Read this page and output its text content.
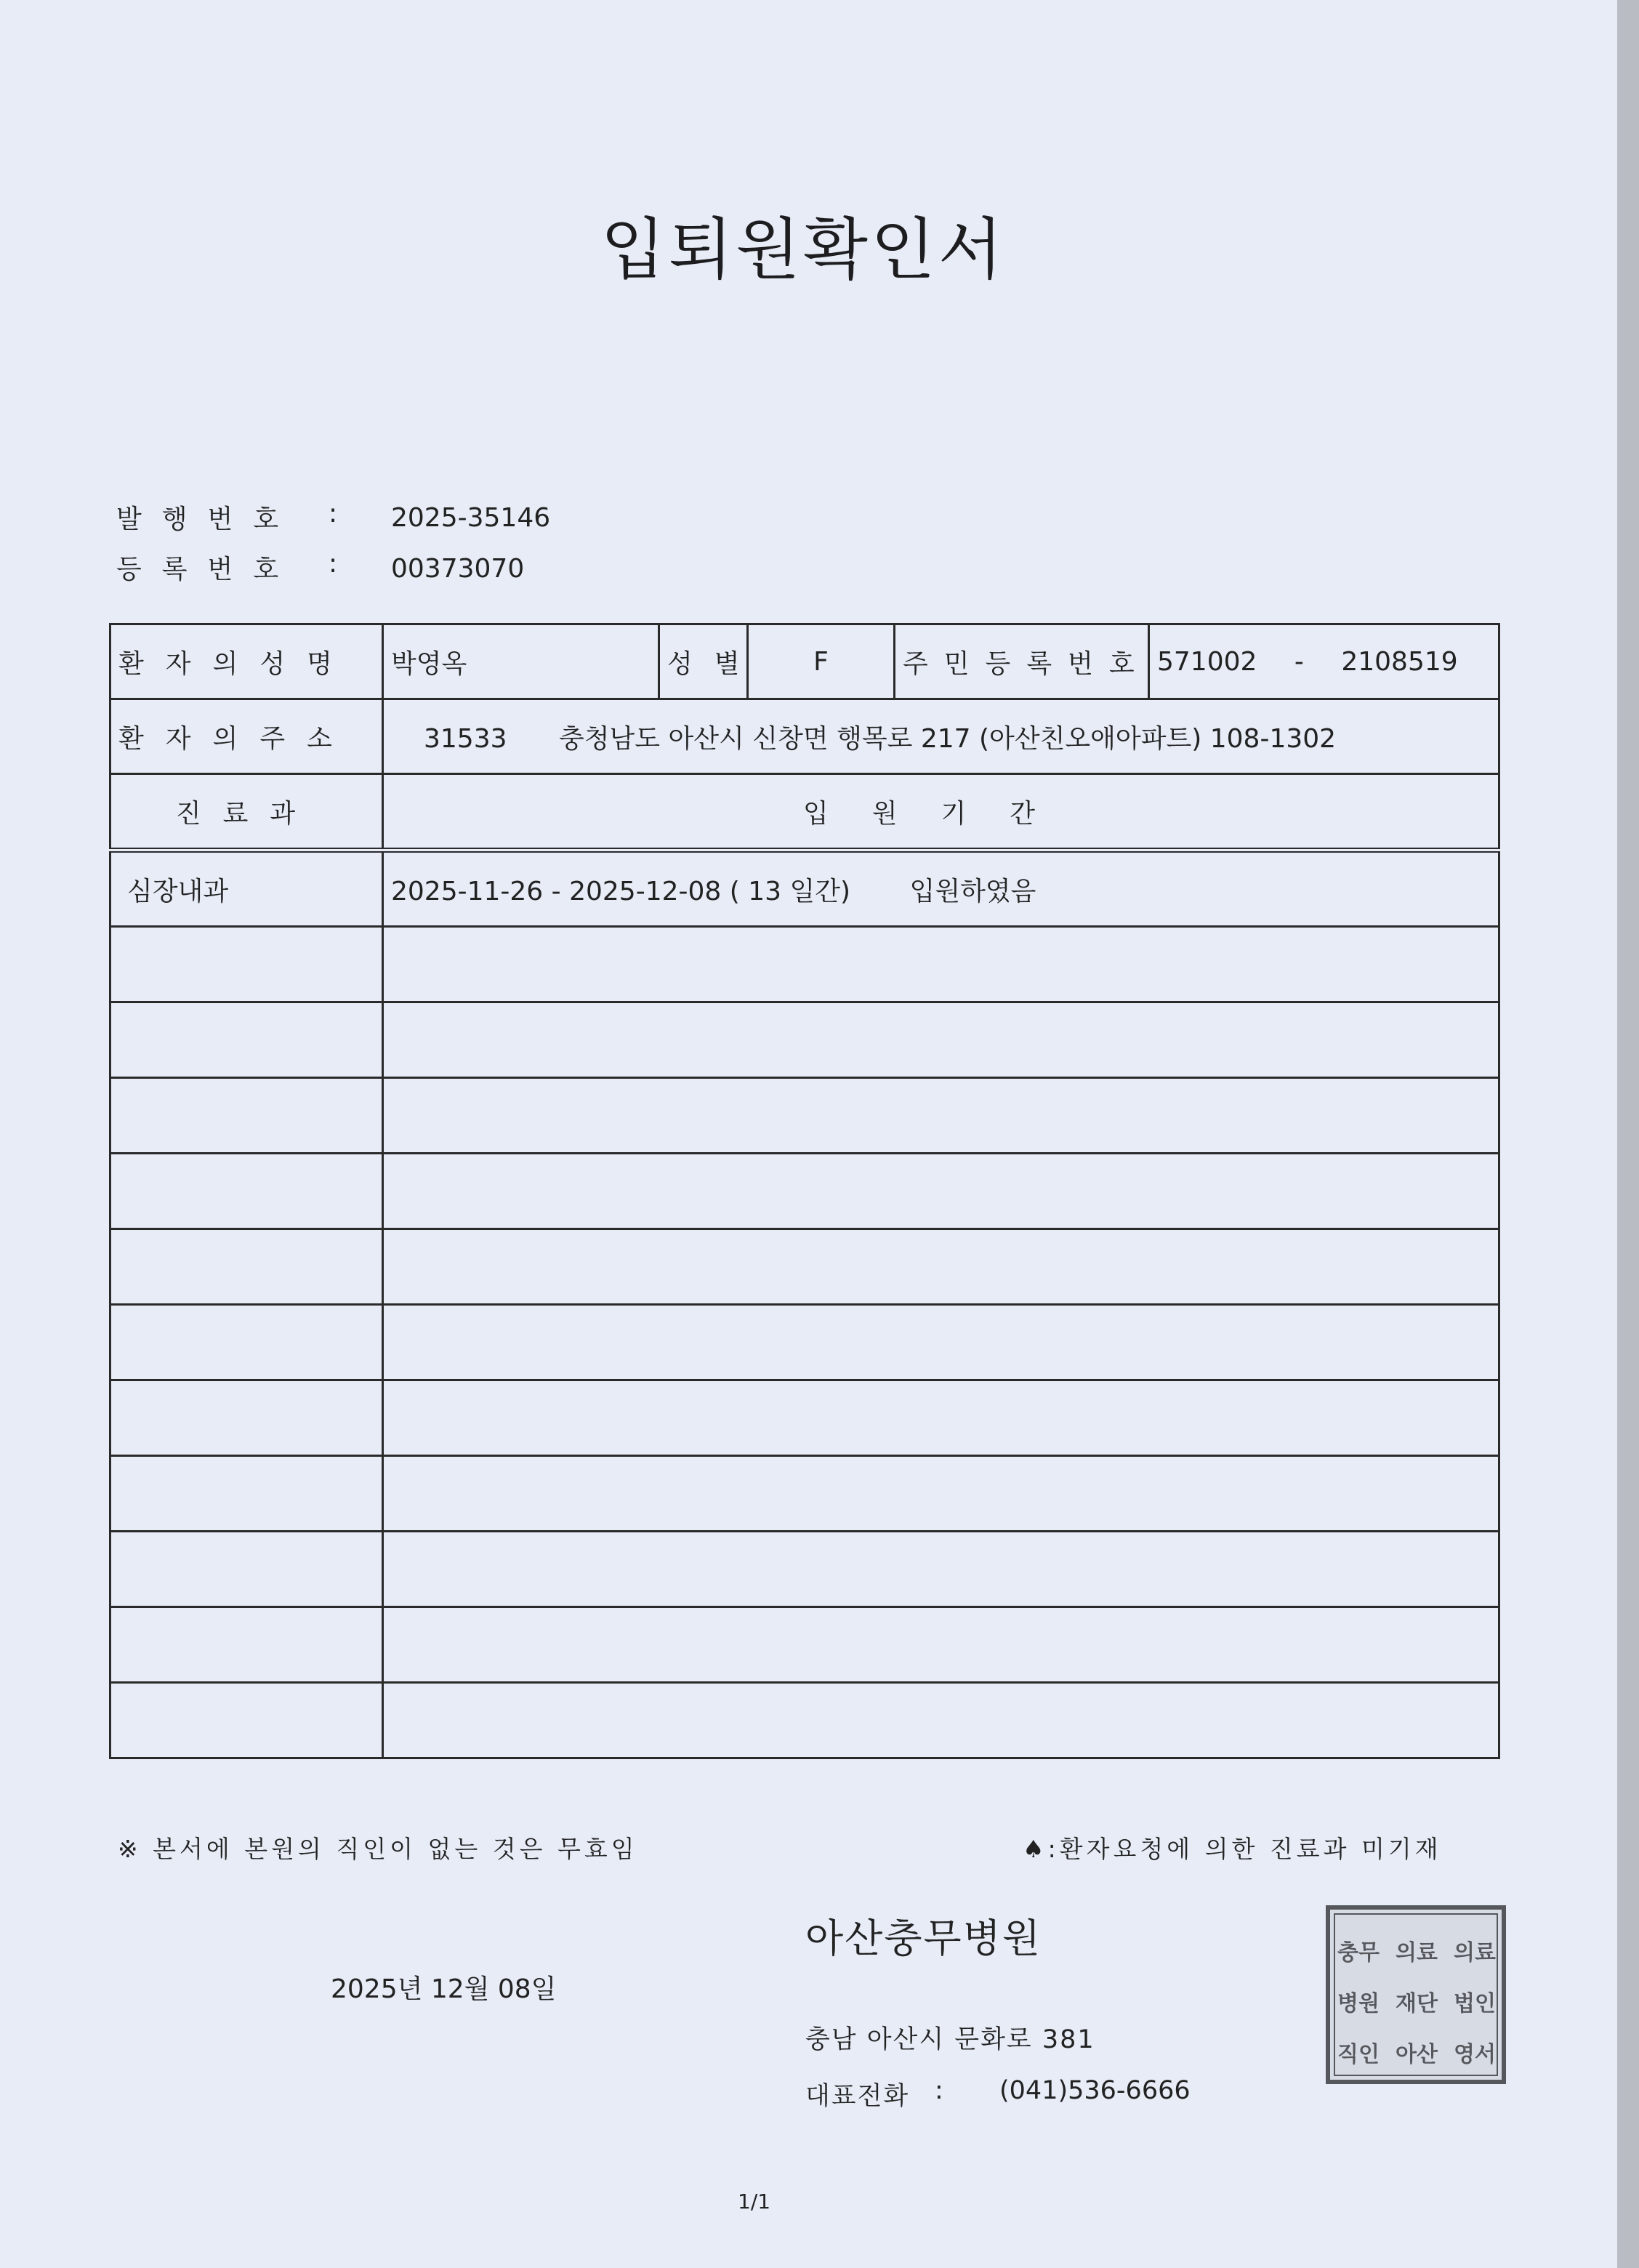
입퇴원확인서
발행번호 : 2025-35146
등록번호 : 00373070
환자의성명	박영옥	성별	F	주민등록번호	571002 - 2108519
환자의주소	31533 충청남도 아산시 신창면 행목로 217 (아산친오애아파트) 108-1302				
진료과	입원기간				
심장내과	2025-11-26 - 2025-12-08 ( 13 일간) 입원하였음				

※ 본서에 본원의 직인이 없는 것은 무효임	♠:환자요청에 의한 진료과 미기재
2025년 12월 08일
아산충무병원
충남 아산시 문화로 381
대표전화 : (041)536-6666
의료
법인
영서
의료
재단
아산
충무
병원
직인
1/1
